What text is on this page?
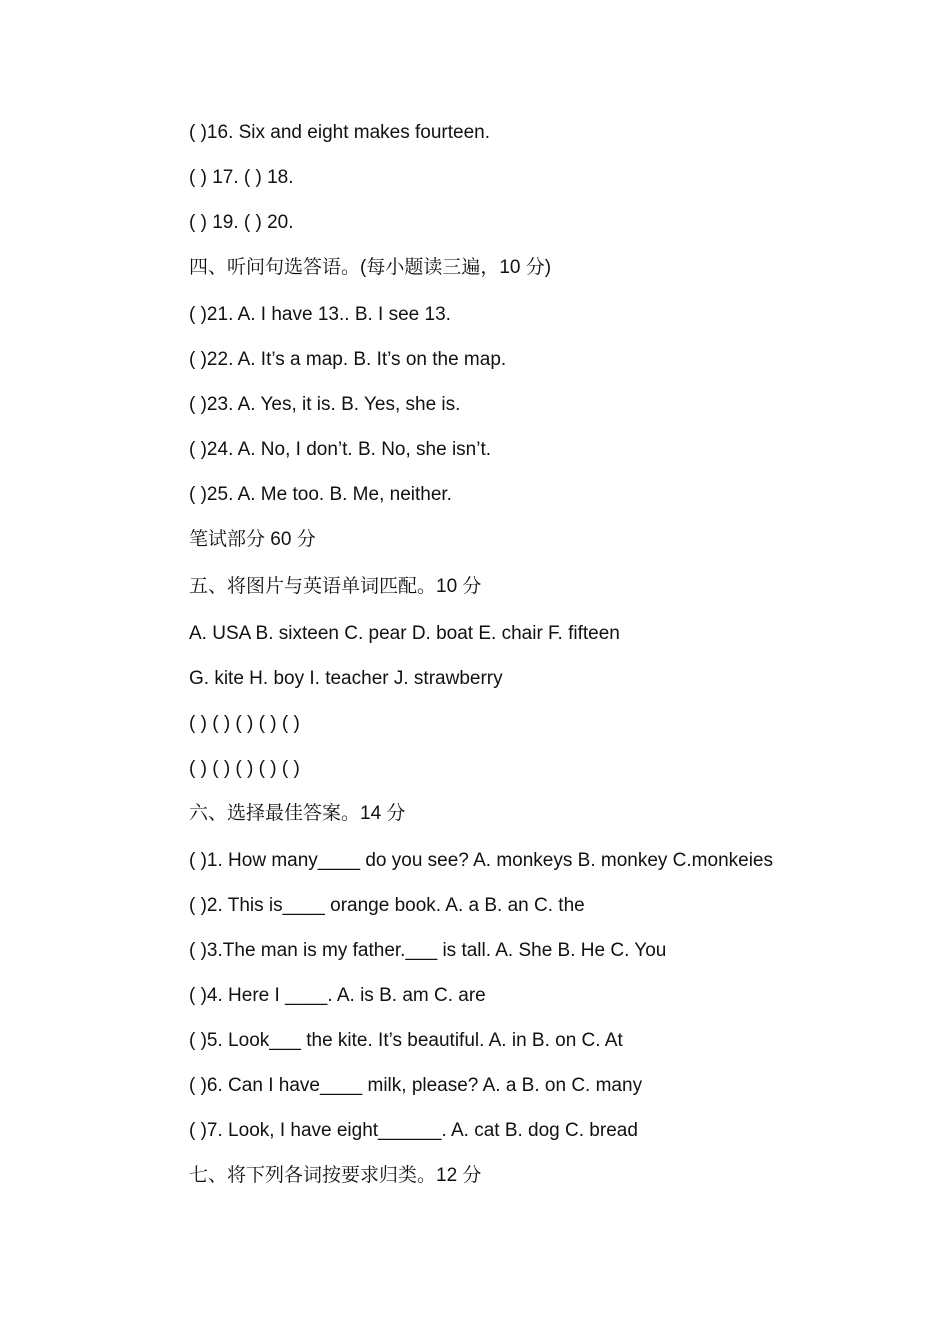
( )16. Six and eight makes fourteen.
( ) 17. ( ) 18.
( ) 19. ( ) 20.
四、听问句选答语。(每小题读三遍，10 分)
( )21. A. I have 13.. B. I see 13.
( )22. A. It’s a map. B. It’s on the map.
( )23. A. Yes, it is. B. Yes, she is.
( )24. A. No, I don’t. B. No, she isn’t.
( )25. A. Me too. B. Me, neither.
笔试部分 60 分
五、将图片与英语单词匹配。10 分
A. USA B. sixteen C. pear D. boat E. chair F. fifteen
G. kite H. boy I. teacher J. strawberry
( ) ( ) ( ) ( ) ( )
( ) ( ) ( ) ( ) ( )
六、选择最佳答案。14 分
( )1. How many____ do you see? A. monkeys B. monkey C.monkeies
( )2. This is____ orange book. A. a B. an C. the
( )3.The man is my father.___ is tall. A. She B. He C. You
( )4. Here I ____. A. is B. am C. are
( )5. Look___ the kite. It’s beautiful. A. in B. on C. At
( )6. Can I have____ milk, please? A. a B. on C. many
( )7. Look, I have eight______. A. cat B. dog C. bread
七、将下列各词按要求归类。12 分
